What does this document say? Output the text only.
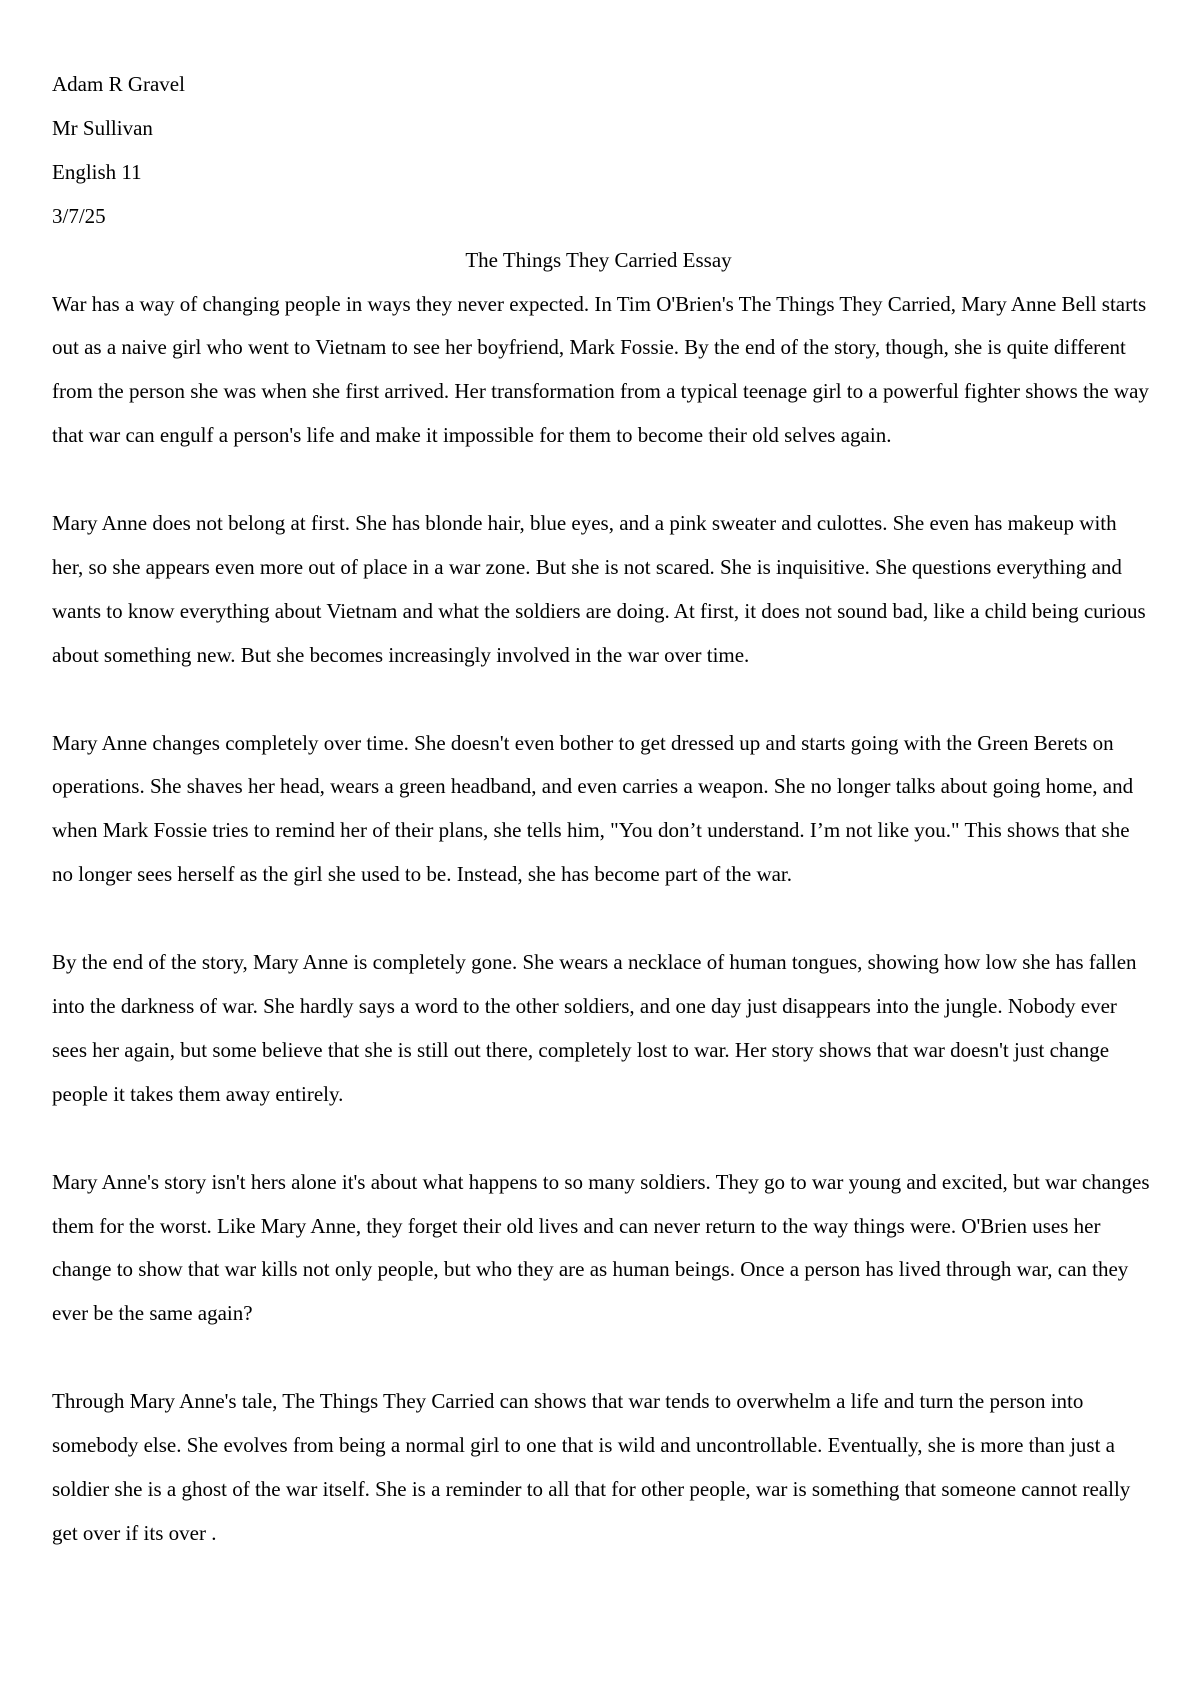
Adam R Gravel

Mr Sullivan

English 11

3/7/25

The Things They Carried Essay

War has a way of changing people in ways they never expected. In Tim O'Brien's The Things They Carried, Mary Anne Bell starts out as a naive girl who went to Vietnam to see her boyfriend, Mark Fossie. By the end of the story, though, she is quite different from the person she was when she first arrived. Her transformation from a typical teenage girl to a powerful fighter shows the way that war can engulf a person's life and make it impossible for them to become their old selves again.

Mary Anne does not belong at first. She has blonde hair, blue eyes, and a pink sweater and culottes. She even has makeup with her, so she appears even more out of place in a war zone. But she is not scared. She is inquisitive. She questions everything and wants to know everything about Vietnam and what the soldiers are doing. At first, it does not sound bad, like a child being curious about something new. But she becomes increasingly involved in the war over time.

Mary Anne changes completely over time. She doesn't even bother to get dressed up and starts going with the Green Berets on operations. She shaves her head, wears a green headband, and even carries a weapon. She no longer talks about going home, and when Mark Fossie tries to remind her of their plans, she tells him, "You don’t understand. I’m not like you." This shows that she no longer sees herself as the girl she used to be. Instead, she has become part of the war.

By the end of the story, Mary Anne is completely gone. She wears a necklace of human tongues, showing how low she has fallen into the darkness of war. She hardly says a word to the other soldiers, and one day just disappears into the jungle. Nobody ever sees her again, but some believe that she is still out there, completely lost to war. Her story shows that war doesn't just change people it takes them away entirely.

Mary Anne's story isn't hers alone it's about what happens to so many soldiers. They go to war young and excited, but war changes them for the worst. Like Mary Anne, they forget their old lives and can never return to the way things were. O'Brien uses her change to show that war kills not only people, but who they are as human beings. Once a person has lived through war, can they ever be the same again?

Through Mary Anne's tale, The Things They Carried can shows that war tends to overwhelm a life and turn the person into somebody else. She evolves from being a normal girl to one that is wild and uncontrollable. Eventually, she is more than just a soldier she is a ghost of the war itself. She is a reminder to all that for other people, war is something that someone cannot really get over if its over .
